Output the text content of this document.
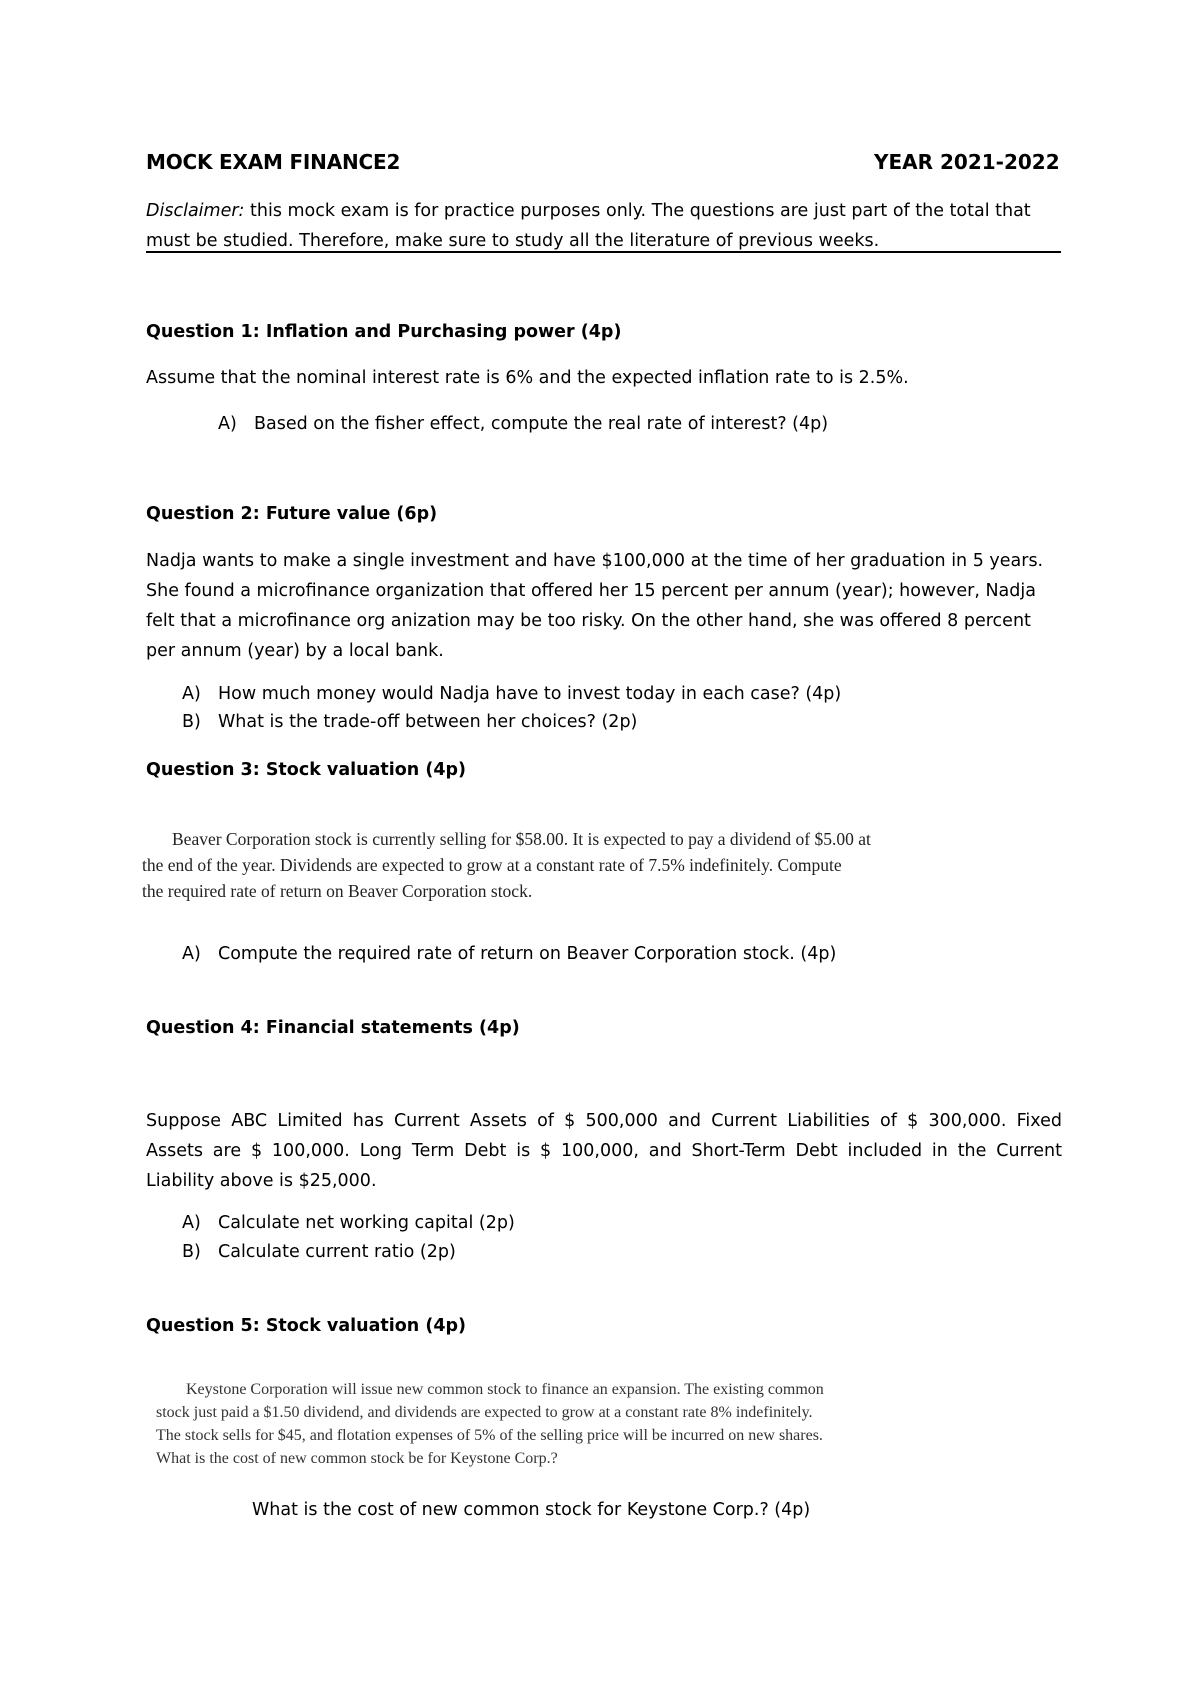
MOCK EXAM FINANCE2	YEAR 2021-2022
Disclaimer: this mock exam is for practice purposes only. The questions are just part of the total that
must be studied. Therefore, make sure to study all the literature of previous weeks.
Question 1: Inflation and Purchasing power (4p)
Assume that the nominal interest rate is 6% and the expected inflation rate to is 2.5%.
A) Based on the fisher effect, compute the real rate of interest? (4p)
Question 2: Future value (6p)
Nadja wants to make a single investment and have $100,000 at the time of her graduation in 5 years.
She found a microfinance organization that offered her 15 percent per annum (year); however, Nadja
felt that a microfinance org anization may be too risky. On the other hand, she was offered 8 percent
per annum (year) by a local bank.
A) How much money would Nadja have to invest today in each case? (4p)
B) What is the trade-off between her choices? (2p)
Question 3: Stock valuation (4p)
Beaver Corporation stock is currently selling for $58.00. It is expected to pay a dividend of $5.00 at
the end of the year. Dividends are expected to grow at a constant rate of 7.5% indefinitely. Compute
the required rate of return on Beaver Corporation stock.
A) Compute the required rate of return on Beaver Corporation stock. (4p)
Question 4: Financial statements (4p)
Suppose ABC Limited has Current Assets of $ 500,000 and Current Liabilities of $ 300,000. Fixed
Assets are $ 100,000. Long Term Debt is $ 100,000, and Short-Term Debt included in the Current
Liability above is $25,000.
A) Calculate net working capital (2p)
B) Calculate current ratio (2p)
Question 5: Stock valuation (4p)
Keystone Corporation will issue new common stock to finance an expansion. The existing common
stock just paid a $1.50 dividend, and dividends are expected to grow at a constant rate 8% indefinitely.
The stock sells for $45, and flotation expenses of 5% of the selling price will be incurred on new shares.
What is the cost of new common stock be for Keystone Corp.?
What is the cost of new common stock for Keystone Corp.? (4p)
